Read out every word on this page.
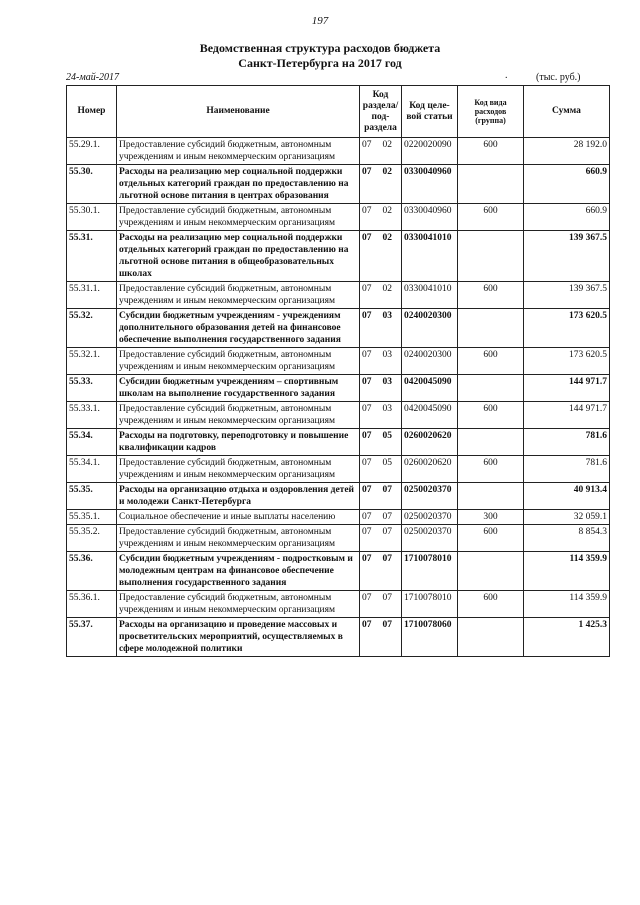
197
Ведомственная структура расходов бюджета
Санкт-Петербурга на 2017 год
24-май-2017	.	(тыс. руб.)
Номер	Наименование	Код раздела/ под- раздела	Код целе- вой статьи	Код вида расходов (группа)	Сумма
55.29.1.	Предоставление субсидий бюджетным, автономным учреждениям и иным некоммерческим организациям	07 02	0220020090	600	28 192.0
55.30.	Расходы на реализацию мер социальной поддержки отдельных категорий граждан по предоставлению на льготной основе питания в центрах образования	07 02	0330040960		660.9
55.30.1.	Предоставление субсидий бюджетным, автономным учреждениям и иным некоммерческим организациям	07 02	0330040960	600	660.9
55.31.	Расходы на реализацию мер социальной поддержки отдельных категорий граждан по предоставлению на льготной основе питания в общеобразовательных школах	07 02	0330041010		139 367.5
55.31.1.	Предоставление субсидий бюджетным, автономным учреждениям и иным некоммерческим организациям	07 02	0330041010	600	139 367.5
55.32.	Субсидии бюджетным учреждениям - учреждениям дополнительного образования детей на финансовое обеспечение выполнения государственного задания	07 03	0240020300		173 620.5
55.32.1.	Предоставление субсидий бюджетным, автономным учреждениям и иным некоммерческим организациям	07 03	0240020300	600	173 620.5
55.33.	Субсидии бюджетным учреждениям – спортивным школам на выполнение государственного задания	07 03	0420045090		144 971.7
55.33.1.	Предоставление субсидий бюджетным, автономным учреждениям и иным некоммерческим организациям	07 03	0420045090	600	144 971.7
55.34.	Расходы на подготовку, переподготовку и повышение квалификации кадров	07 05	0260020620		781.6
55.34.1.	Предоставление субсидий бюджетным, автономным учреждениям и иным некоммерческим организациям	07 05	0260020620	600	781.6
55.35.	Расходы на организацию отдыха и оздоровления детей и молодежи Санкт-Петербурга	07 07	0250020370		40 913.4
55.35.1.	Социальное обеспечение и иные выплаты населению	07 07	0250020370	300	32 059.1
55.35.2.	Предоставление субсидий бюджетным, автономным учреждениям и иным некоммерческим организациям	07 07	0250020370	600	8 854.3
55.36.	Субсидии бюджетным учреждениям - подростковым и молодежным центрам на финансовое обеспечение выполнения государственного задания	07 07	1710078010		114 359.9
55.36.1.	Предоставление субсидий бюджетным, автономным учреждениям и иным некоммерческим организациям	07 07	1710078010	600	114 359.9
55.37.	Расходы на организацию и проведение массовых и просветительских мероприятий, осуществляемых в сфере молодежной политики	07 07	1710078060		1 425.3
